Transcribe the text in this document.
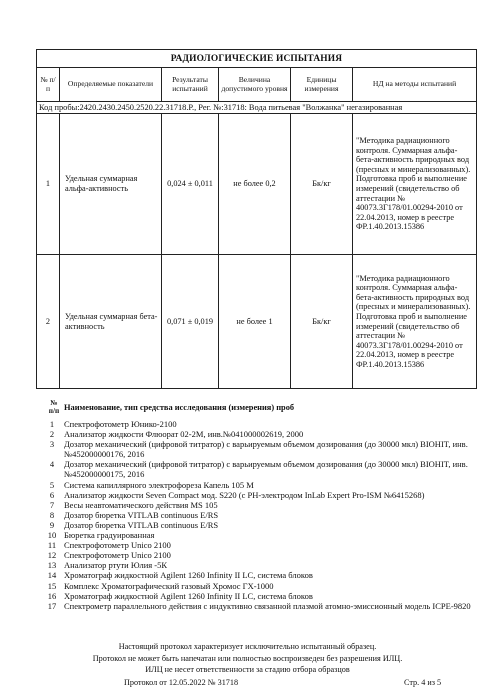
РАДИОЛОГИЧЕСКИЕ ИСПЫТАНИЯ					
№ п/п	Определяемые показатели	Результаты испытаний	Величина допустимого уровня	Единицы измерения	НД на методы испытаний
Код пробы:2420.2430.2450.2520.22.31718.Р., Рег. №:31718: Вода питьевая "Волжанка" негазированная					
1	Удельная суммарная альфа-активность	0,024 ± 0,011	не более 0,2	Бк/кг	"Методика радиационного контроля. Суммарная альфа-бета-активность природных вод (пресных и минерализованных). Подготовка проб и выполнение измерений (свидетельство об аттестации № 40073.3Г178/01.00294-2010 от 22.04.2013, номер в реестре ФР.1.40.2013.15386
2	Удельная суммарная бета-активность	0,071 ± 0,019	не более 1	Бк/кг	"Методика радиационного контроля. Суммарная альфа-бета-активность природных вод (пресных и минерализованных). Подготовка проб и выполнение измерений (свидетельство об аттестации № 40073.3Г178/01.00294-2010 от 22.04.2013, номер в реестре ФР.1.40.2013.15386
№ п/п Наименование, тип средства исследования (измерения) проб
1	Спектрофотометр Юнико-2100
2	Анализатор жидкости Флюорат 02-2М, инв.№041000002619, 2000
3	Дозатор механический (цифровой титратор) с варьируемым объемом дозирования (до 30000 мкл) BIOHIT, инв.№452000000176, 2016
4	Дозатор механический (цифровой титратор) с варьируемым объемом дозирования (до 30000 мкл) BIOHIT, инв.№452000000175, 2016
5	Система капиллярного электрофореза Капель 105 М
6	Анализатор жидкости Seven Compact мод. S220 (с PH-электродом InLab Expert Pro-ISM №6415268)
7	Весы неавтоматического действия MS 105
8	Дозатор бюретка VITLAB continuous E/RS
9	Дозатор бюретка VITLAB continuous E/RS
10 Бюретка градуированная
11 Спектрофотометр Unico 2100
12 Спектрофотометр Unico 2100
13 Анализатор ртути Юлия -5К
14 Хроматограф жидкостной Agilent 1260 Infinity II LC, система блоков
15 Комплекс Хроматографический газовый Хромос ГХ-1000
16 Хроматограф жидкостной Agilent 1260 Infinity II LC, система блоков
17 Спектрометр параллельного действия с индуктивно связанной плазмой атомно-эмиссионный модель ICPE-9820
Настоящий протокол характеризует исключительно испытанный образец.
Протокол не может быть напечатан или полностью воспроизведен без разрешения ИЛЦ.
ИЛЦ не несет ответственности за стадию отбора образцов
Протокол от 12.05.2022 № 31718	Стр. 4 из 5
